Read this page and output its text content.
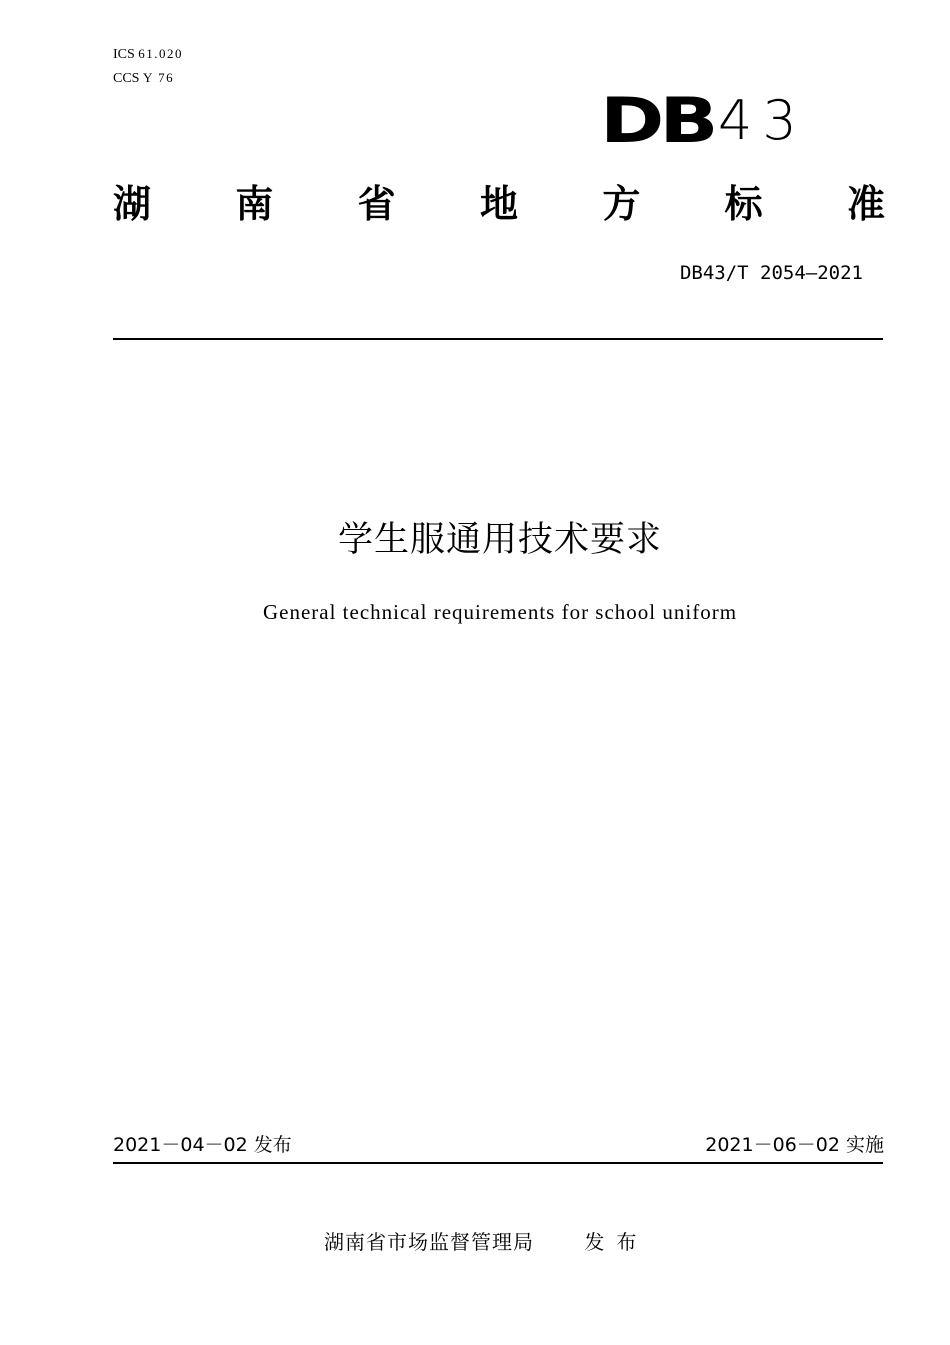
ICS 61.020
CCS Y 76
DB 43
湖 南 省 地 方 标 准
DB43/T 2054—2021
学生服通用技术要求
General technical requirements for school uniform
2021－04－02 发布	2021－06－02 实施
湖南省市场监督管理局	发布
